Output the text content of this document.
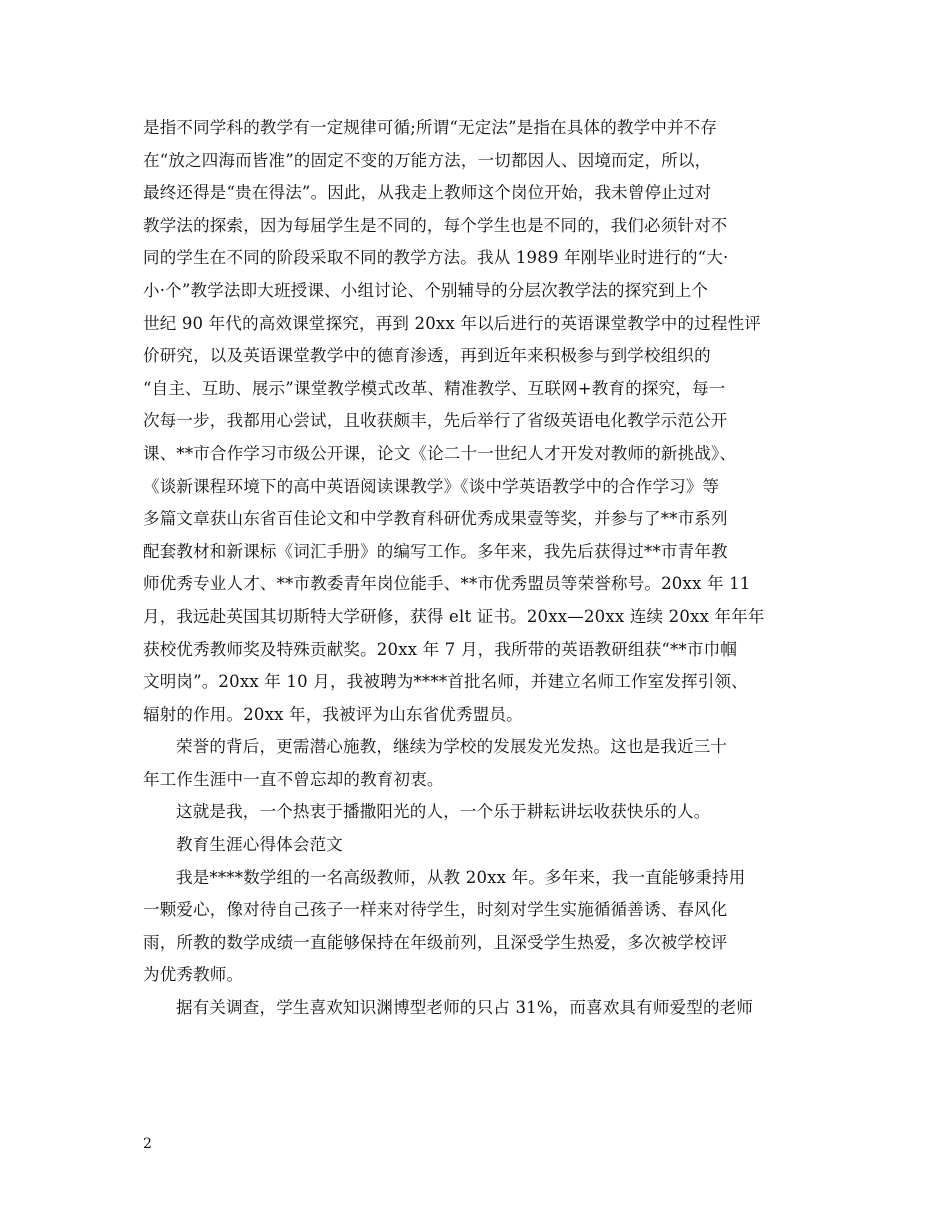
是指不同学科的教学有一定规律可循;所谓“无定法”是指在具体的教学中并不存
在“放之四海而皆准”的固定不变的万能方法，一切都因人、因境而定，所以，
最终还得是“贵在得法”。因此，从我走上教师这个岗位开始，我未曾停止过对
教学法的探索，因为每届学生是不同的，每个学生也是不同的，我们必须针对不
同的学生在不同的阶段采取不同的教学方法。我从 1989 年刚毕业时进行的“大·
小·个”教学法即大班授课、小组讨论、个别辅导的分层次教学法的探究到上个
世纪 90 年代的高效课堂探究，再到 20xx 年以后进行的英语课堂教学中的过程性评
价研究，以及英语课堂教学中的德育渗透，再到近年来积极参与到学校组织的
“自主、互助、展示”课堂教学模式改革、精准教学、互联网+教育的探究，每一
次每一步，我都用心尝试，且收获颇丰，先后举行了省级英语电化教学示范公开
课、**市合作学习市级公开课，论文《论二十一世纪人才开发对教师的新挑战》、
《谈新课程环境下的高中英语阅读课教学》《谈中学英语教学中的合作学习》等
多篇文章获山东省百佳论文和中学教育科研优秀成果壹等奖，并参与了**市系列
配套教材和新课标《词汇手册》的编写工作。多年来，我先后获得过**市青年教
师优秀专业人才、**市教委青年岗位能手、**市优秀盟员等荣誉称号。20xx 年 11
月，我远赴英国其切斯特大学研修，获得 elt 证书。20xx—20xx 连续 20xx 年年年
获校优秀教师奖及特殊贡献奖。20xx 年 7 月，我所带的英语教研组获“**市巾帼
文明岗”。20xx 年 10 月，我被聘为****首批名师，并建立名师工作室发挥引领、
辐射的作用。20xx 年，我被评为山东省优秀盟员。
荣誉的背后，更需潜心施教，继续为学校的发展发光发热。这也是我近三十
年工作生涯中一直不曾忘却的教育初衷。
这就是我，一个热衷于播撒阳光的人，一个乐于耕耘讲坛收获快乐的人。
教育生涯心得体会范文
我是****数学组的一名高级教师，从教 20xx 年。多年来，我一直能够秉持用
一颗爱心，像对待自己孩子一样来对待学生，时刻对学生实施循循善诱、春风化
雨，所教的数学成绩一直能够保持在年级前列，且深受学生热爱，多次被学校评
为优秀教师。
据有关调查，学生喜欢知识渊博型老师的只占 31%，而喜欢具有师爱型的老师
2
